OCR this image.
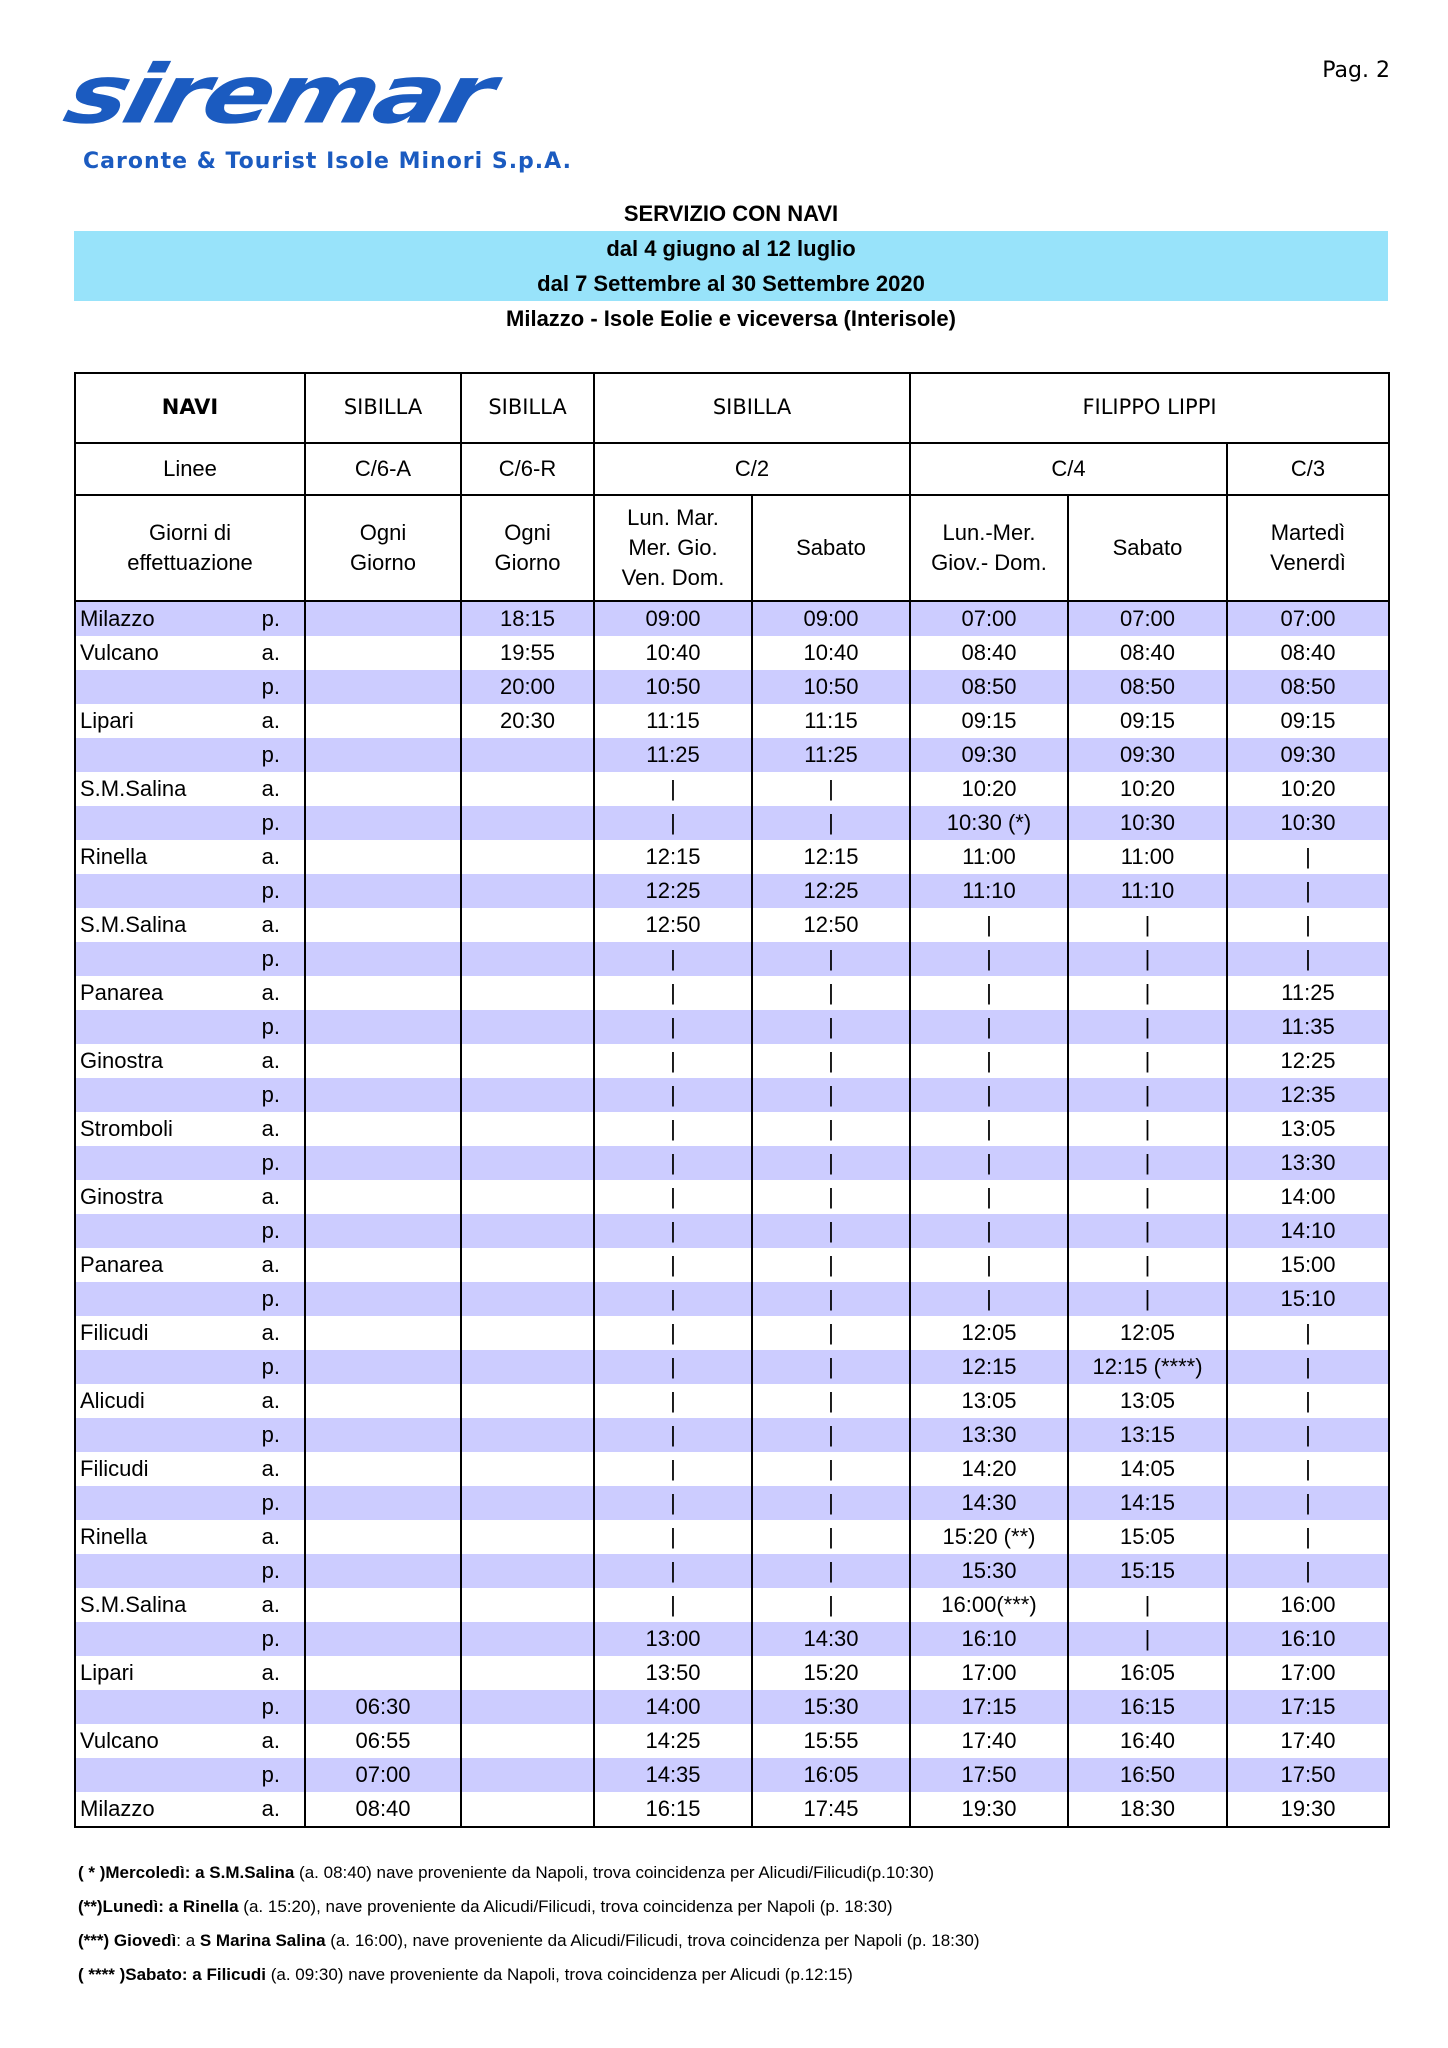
siremar
Caronte & Tourist Isole Minori S.p.A.
Pag. 2
SERVIZIO CON NAVI
dal 4 giugno al 12 luglio
dal 7 Settembre al 30 Settembre 2020
Milazzo - Isole Eolie e viceversa (Interisole)
NAVI		SIBILLA	SIBILLA	SIBILLA		FILIPPO LIPPI		
Linee		C/6-A	C/6-R	C/2		C/4		C/3
Giorni di effettuazione		Ogni Giorno	Ogni Giorno	Lun. Mar. Mer. Gio. Ven. Dom.	Sabato	Lun.-Mer. Giov.- Dom.	Sabato	Martedì Venerdì
Milazzo	p.		18:15	09:00	09:00	07:00	07:00	07:00
Vulcano	a.		19:55	10:40	10:40	08:40	08:40	08:40
	p.		20:00	10:50	10:50	08:50	08:50	08:50
Lipari	a.		20:30	11:15	11:15	09:15	09:15	09:15
	p.			11:25	11:25	09:30	09:30	09:30
S.M.Salina	a.			|	|	10:20	10:20	10:20
	p.			|	|	10:30 (*)	10:30	10:30
Rinella	a.			12:15	12:15	11:00	11:00	|
	p.			12:25	12:25	11:10	11:10	|
S.M.Salina	a.			12:50	12:50	|	|	|
	p.			|	|	|	|	|
Panarea	a.			|	|	|	|	11:25
	p.			|	|	|	|	11:35
Ginostra	a.			|	|	|	|	12:25
	p.			|	|	|	|	12:35
Stromboli	a.			|	|	|	|	13:05
	p.			|	|	|	|	13:30
Ginostra	a.			|	|	|	|	14:00
	p.			|	|	|	|	14:10
Panarea	a.			|	|	|	|	15:00
	p.			|	|	|	|	15:10
Filicudi	a.			|	|	12:05	12:05	|
	p.			|	|	12:15	12:15 (****)	|
Alicudi	a.			|	|	13:05	13:05	|
	p.			|	|	13:30	13:15	|
Filicudi	a.			|	|	14:20	14:05	|
	p.			|	|	14:30	14:15	|
Rinella	a.			|	|	15:20 (**)	15:05	|
	p.			|	|	15:30	15:15	|
S.M.Salina	a.			|	|	16:00(***)	|	16:00
	p.			13:00	14:30	16:10	|	16:10
Lipari	a.			13:50	15:20	17:00	16:05	17:00
	p.	06:30		14:00	15:30	17:15	16:15	17:15
Vulcano	a.	06:55		14:25	15:55	17:40	16:40	17:40
	p.	07:00		14:35	16:05	17:50	16:50	17:50
Milazzo	a.	08:40		16:15	17:45	19:30	18:30	19:30
( * )Mercoledì: a S.M.Salina (a. 08:40) nave proveniente da Napoli, trova coincidenza per Alicudi/Filicudi(p.10:30)
(**)Lunedì: a Rinella (a. 15:20), nave proveniente da Alicudi/Filicudi, trova coincidenza per Napoli (p. 18:30)
(***) Giovedì: a S Marina Salina (a. 16:00), nave proveniente da Alicudi/Filicudi, trova coincidenza per Napoli (p. 18:30)
( **** )Sabato: a Filicudi (a. 09:30) nave proveniente da Napoli, trova coincidenza per Alicudi (p.12:15)
